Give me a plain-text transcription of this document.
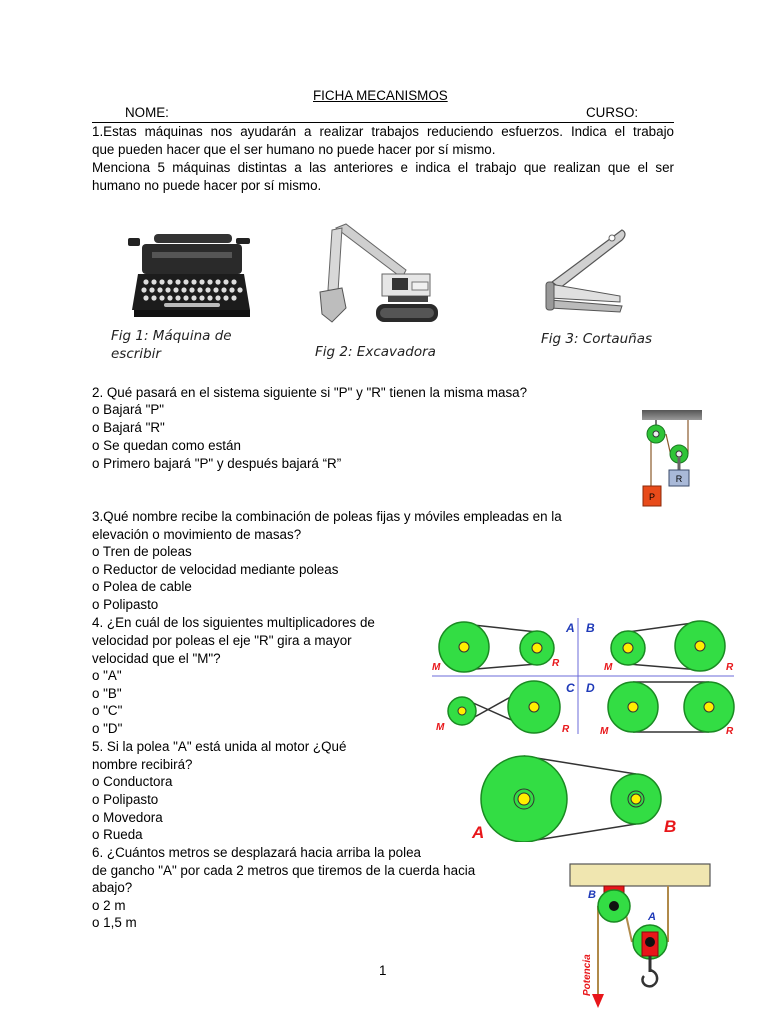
FICHA MECANISMOS
NOME:	CURSO:
1.Estas máquinas nos ayudarán a realizar trabajos reduciendo esfuerzos. Indica el trabajo
que pueden hacer que el ser humano no puede hacer por sí mismo.
Menciona 5 máquinas distintas a las anteriores e indica el trabajo que realizan que el ser
humano no puede hacer por sí mismo.
Fig 1: Máquina de
escribir	Fig 2: Excavadora
Fig 3: Cortauñas
2. Qué pasará en el sistema siguiente si "P" y "R" tienen la misma masa?
o Bajará "P"
o Bajará "R"
o Se quedan como están
o Primero bajará "P" y después bajará “R”
P
R
3.Qué nombre recibe la combinación de poleas fijas y móviles empleadas en la
elevación o movimiento de masas?
o Tren de poleas
o Reductor de velocidad mediante poleas
o Polea de cable
o Polipasto
4. ¿En cuál de los siguientes multiplicadores de
velocidad por poleas el eje "R" gira a mayor
velocidad que el "M"?
o "A"
o "B"
o "C"
o "D"
A B
C D
M	R	M	R
M	R	M	R
5. Si la polea "A" está unida al motor ¿Qué
nombre recibirá?
o Conductora
o Polipasto
o Movedora
o Rueda	A	B
6. ¿Cuántos metros se desplazará hacia arriba la polea
de gancho "A" por cada 2 metros que tiremos de la cuerda hacia
abajo?
o 2 m
o 1,5 m
B
A
Potencia
1
